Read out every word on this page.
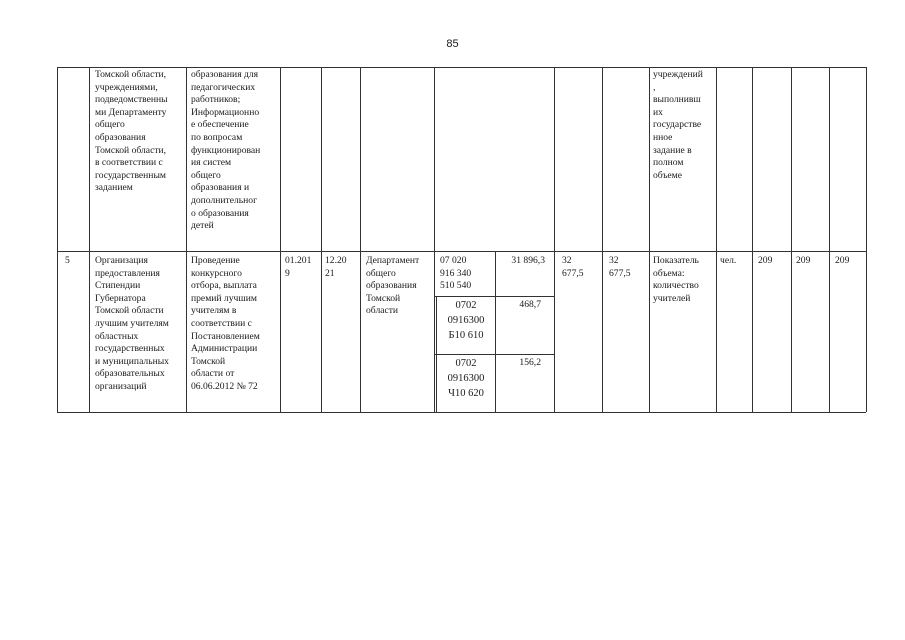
85
Томской области,
учреждениями,
подведомственны
ми Департаменту
общего
образования
Томской области,
в соответствии с
государственным
заданием
образования для
педагогических
работников;
Информационно
е обеспечение
по вопросам
функционирован
ия систем
общего
образования и
дополнительног
о образования
детей
учреждений
,
выполнивш
их
государстве
нное
задание в
полном
объеме
5	Организация
предоставления
Стипендии
Губернатора
Томской области
лучшим учителям
областных
государственных
и муниципальных
образовательных
организаций
Проведение
конкурсного
отбора, выплата
премий лучшим
учителям в
соответствии с
Постановлением
Администрации
Томской
области от
06.06.2012 № 72
01.201
9
12.20
21
Департамент
общего
образования
Томской
области
07 020
916 340
510 540
31 896,3
0702
0916300
Б10 610
468,7
0702
0916300
Ч10 620
156,2
32
677,5
32
677,5
Показатель
объема:
количество
учителей
чел. 209 209	209
